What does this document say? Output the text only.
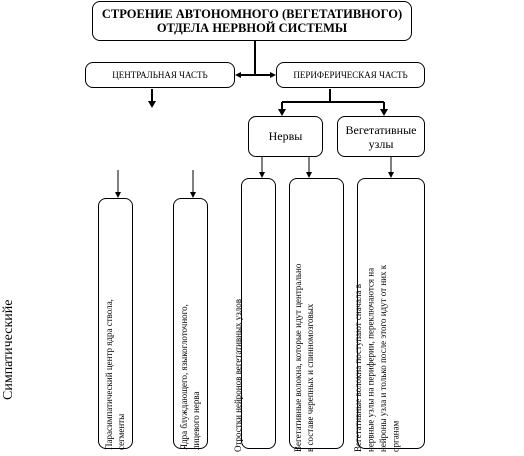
СТРОЕНИЕ АВТОНОМНОГО (ВЕГЕТАТИВНОГО) ОТДЕЛА НЕРВНОЙ СИСТЕМЫ
ЦЕНТРАЛЬНАЯ ЧАСТЬ	ПЕРИФЕРИЧЕСКАЯ ЧАСТЬ
Нервы	Вегетативные узлы
Симпатическийе	Парасимпатический центр ядра ствола, сегменты	Ядра блуждающего, языкоглоточного, лицевого нерва	Отростки нейронов вегетативных узлов	Вегетативные волокна, которые идут центрально в составе черепных и спинномозговых	Вегетативные волокна поступают сначала в нервные узлы на периферии, переключаются на нейроны узла и только после этого идут от них к органам
